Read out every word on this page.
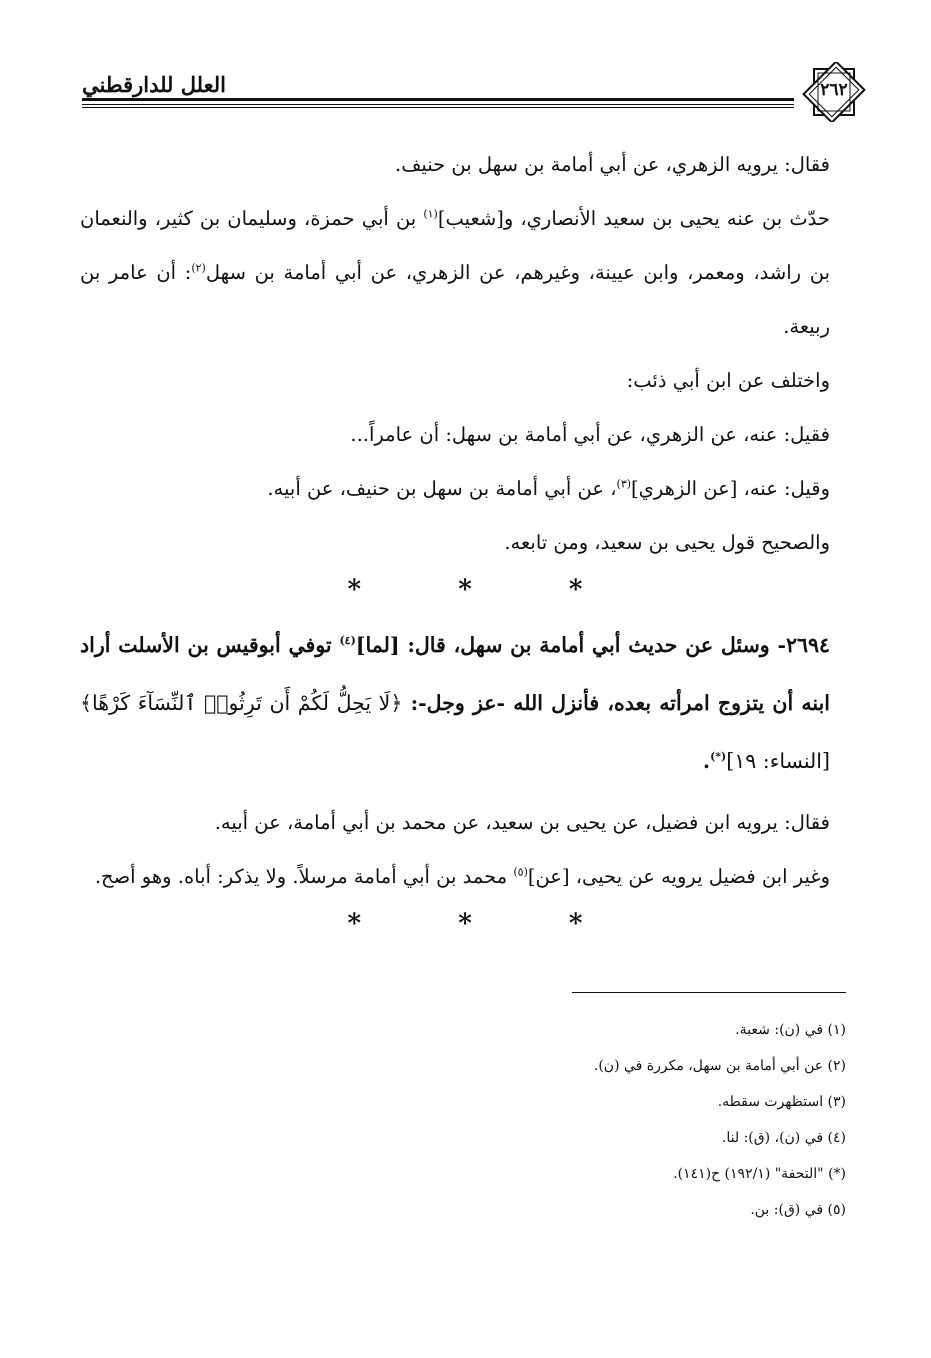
العلل للدارقطني	٢٦٢

فقال: يرويه الزهري، عن أبي أمامة بن سهل بن حنيف.

حدّث بن عنه يحيى بن سعيد الأنصاري، و[شعيب]$^{(١)}$ بن أبي حمزة، وسليمان بن كثير، والنعمان بن راشد، ومعمر، وابن عيينة، وغيرهم، عن الزهري، عن أبي أمامة بن سهل$^{(٢)}$: أن عامر بن ربيعة.

واختلف عن ابن أبي ذئب:

فقيل: عنه، عن الزهري، عن أبي أمامة بن سهل: أن عامراً...

وقيل: عنه، [عن الزهري]$^{(٣)}$، عن أبي أمامة بن سهل بن حنيف، عن أبيه.

والصحيح قول يحيى بن سعيد، ومن تابعه.

* * *

٢٦٩٤- وسئل عن حديث أبي أمامة بن سهل، قال: [لما]$^{(٤)}$ توفي أبوقيس بن الأسلت أراد ابنه أن يتزوج امرأته بعده، فأنزل الله -عز وجل-: ﴿لَا يَحِلُّ لَكُمْ أَن تَرِثُوا۟ ٱلنِّسَآءَ كَرْهًا﴾ [النساء: ١٩](*).

فقال: يرويه ابن فضيل، عن يحيى بن سعيد، عن محمد بن أبي أمامة، عن أبيه.

وغير ابن فضيل يرويه عن يحيى، [عن]$^{(٥)}$ محمد بن أبي أمامة مرسلاً. ولا يذكر: أباه. وهو أصح.

* * *
(١) في (ن): شعبة.
(٢) عن أبي أمامة بن سهل، مكررة في (ن).
(٣) استظهرت سقطه.
(٤) في (ن)، (ق): لنا.
(*) "التحفة" (١٩٢/١) ح(١٤١).
(٥) في (ق): بن.
